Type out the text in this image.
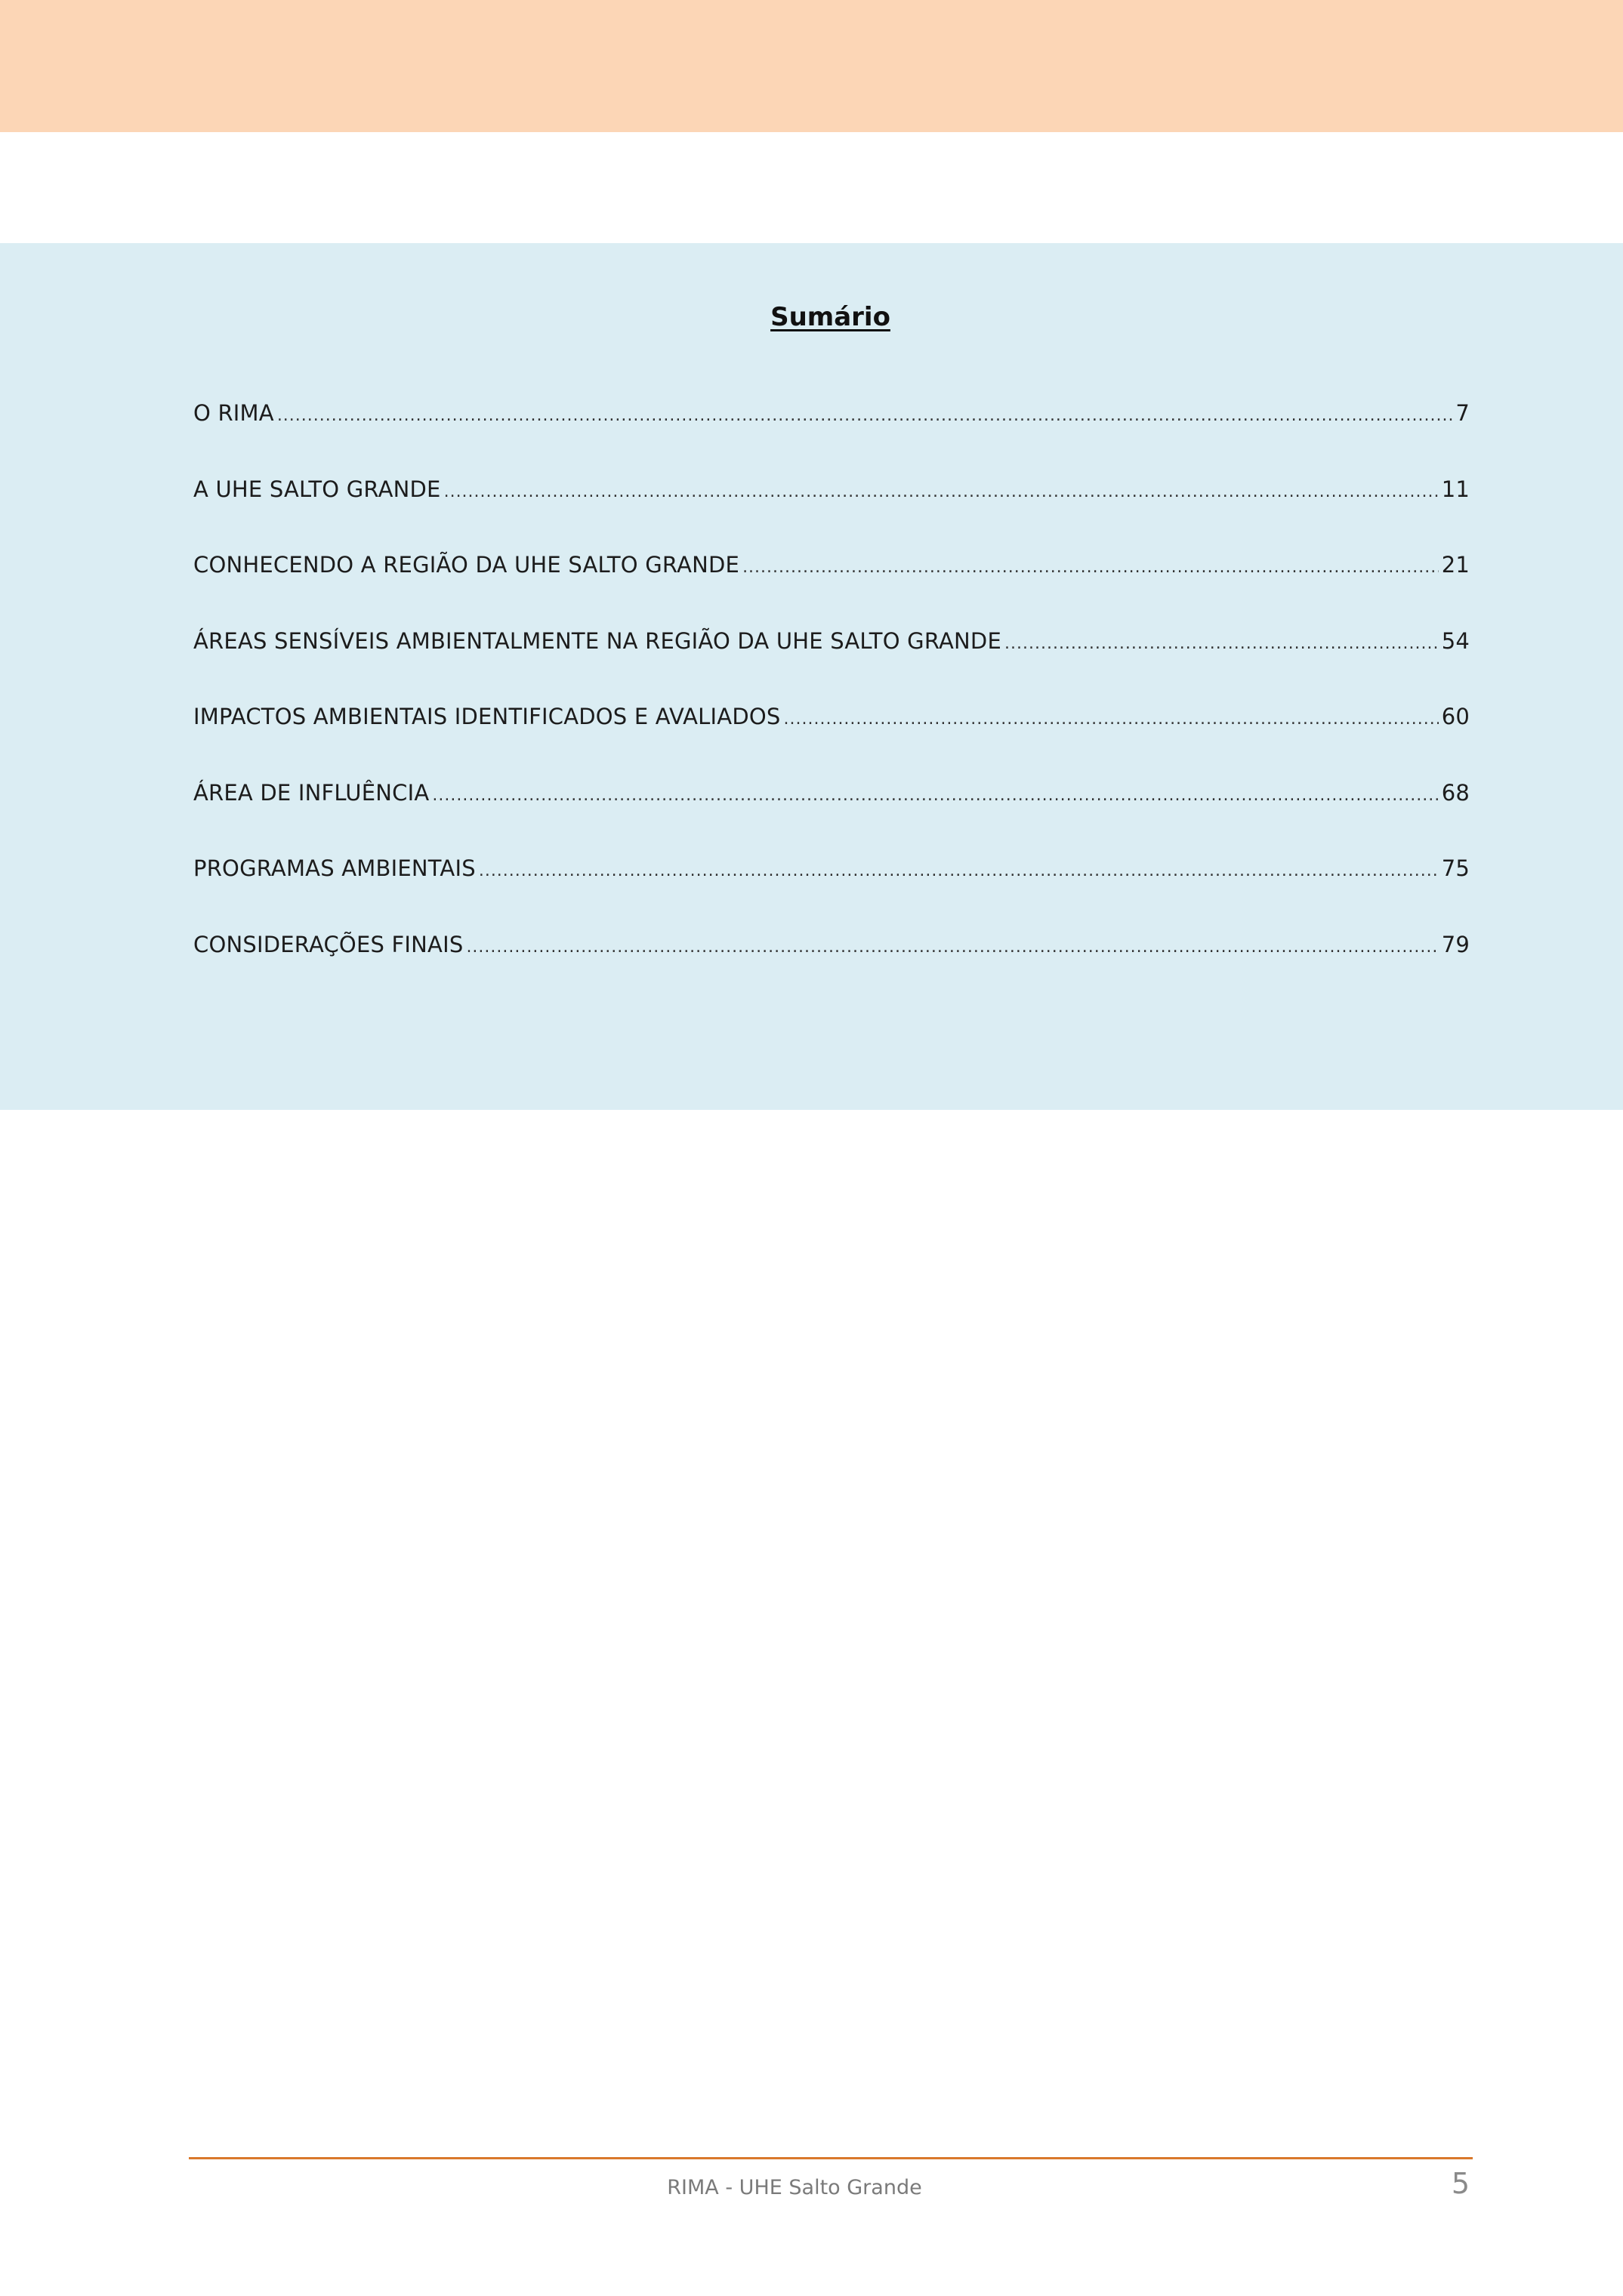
Sumário
O RIMA .....	7
A UHE SALTO GRANDE .....	11
CONHECENDO A REGIÃO DA UHE SALTO GRANDE .....	21
ÁREAS SENSÍVEIS AMBIENTALMENTE NA REGIÃO DA UHE SALTO GRANDE .....	54
IMPACTOS AMBIENTAIS IDENTIFICADOS E AVALIADOS .....	60
ÁREA DE INFLUÊNCIA .....	68
PROGRAMAS AMBIENTAIS .....	75
CONSIDERAÇÕES FINAIS .....	79
RIMA - UHE Salto Grande	5
